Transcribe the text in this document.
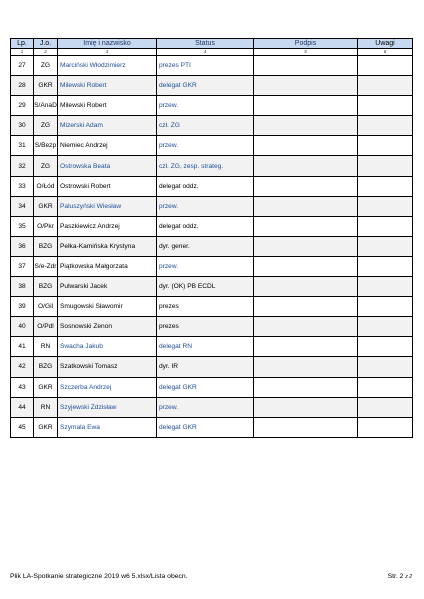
Lp.	J.o.	Imię i nazwisko	Status	Podpis	Uwagi
1	2	3	4	5	6
27	ZG	Marciński Włodzimierz	prezes PTI		
28	GKR	Milewski Robert	delegat GKR		
29	S/AnaD	Milewski Robert	przew.		
30	ZG	Mizerski Adam	czł. ZG		
31	S/Bezp	Niemiec Andrzej	przew.		
32	ZG	Ostrowska Beata	czł. ZG, zesp. strateg.		
33	O/Łód	Ostrowski Robert	delegat oddz.		
34	GKR	Paluszyński Wiesław	przew.		
35	O/Pkr	Paszkiewicz Andrzej	delegat oddz.		
36	BZG	Pełka-Kamińska Krystyna	dyr. gener.		
37	S/e-Zdr	Piątkowska Małgorzata	przew.		
38	BZG	Pulwarski Jacek	dyr. (OK) PB ECDL		
39	O/Gil	Smugowski Sławomir	prezes		
40	O/Pdl	Sosnowski Zenon	prezes		
41	RN	Swacha Jakub	delegat RN		
42	BZG	Szatkowski Tomasz	dyr. IR		
43	GKR	Szczerba Andrzej	delegat GKR		
44	RN	Szyjewski Zdzisław	przew.		
45	GKR	Szymala Ewa	delegat GKR		
Plik LA-Spotkanie strategiczne 2019 w6 5.xlsx/Lista obecn.	Str. 2 z 2
